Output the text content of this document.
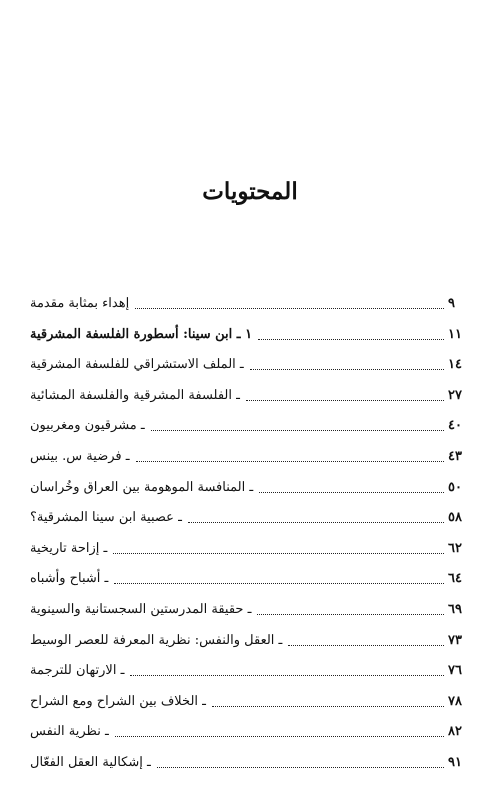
المحتويات
إهداء بمثابة مقدمة	٩
١ ـ ابن سينا: أسطورة الفلسفة المشرقية	١١
ـ الملف الاستشراقي للفلسفة المشرقية	١٤
ـ الفلسفة المشرقية والفلسفة المشائية	٢٧
ـ مشرقيون ومغربيون	٤٠
ـ فرضية س. بينس	٤٣
ـ المنافسة الموهومة بين العراق وخُراسان	٥٠
ـ عصبية ابن سينا المشرقية؟	٥٨
ـ إزاحة تاريخية	٦٢
ـ أشباح وأشباه	٦٤
ـ حقيقة المدرستين السجستانية والسينوية	٦٩
ـ العقل والنفس: نظرية المعرفة للعصر الوسيط	٧٣
ـ الارتهان للترجمة	٧٦
ـ الخلاف بين الشراح ومع الشراح	٧٨
ـ نظرية النفس	٨٢
ـ إشكالية العقل الفعّال	٩١
